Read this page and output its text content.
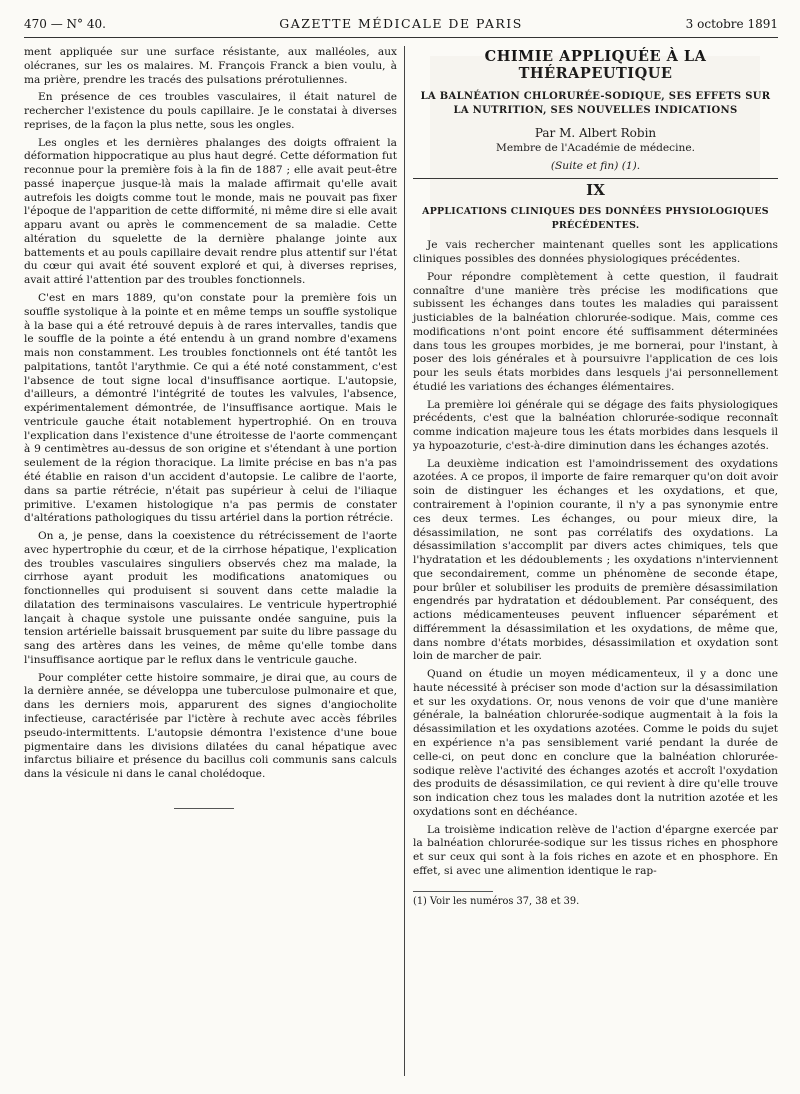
470 — N° 40.	GAZETTE MÉDICALE DE PARIS	3 octobre 1891

ment appliquée sur une surface résistante, aux malléoles, aux olécranes, sur les os malaires. M. François Franck a bien voulu, à ma prière, prendre les tracés des pulsations prérotuliennes.

En présence de ces troubles vasculaires, il était naturel de rechercher l'existence du pouls capillaire. Je le constatai à diverses reprises, de la façon la plus nette, sous les ongles.

Les ongles et les dernières phalanges des doigts offraient la déformation hippocratique au plus haut degré. Cette déformation fut reconnue pour la première fois à la fin de 1887 ; elle avait peut-être passé inaperçue jusque-là mais la malade affirmait qu'elle avait autrefois les doigts comme tout le monde, mais ne pouvait pas fixer l'époque de l'apparition de cette difformité, ni même dire si elle avait apparu avant ou après le commencement de sa maladie. Cette altération du squelette de la dernière phalange jointe aux battements et au pouls capillaire devait rendre plus attentif sur l'état du cœur qui avait été souvent exploré et qui, à diverses reprises, avait attiré l'attention par des troubles fonctionnels.

C'est en mars 1889, qu'on constate pour la première fois un souffle systolique à la pointe et en même temps un souffle systolique à la base qui a été retrouvé depuis à de rares intervalles, tandis que le souffle de la pointe a été entendu à un grand nombre d'examens mais non constamment. Les troubles fonctionnels ont été tantôt les palpitations, tantôt l'arythmie. Ce qui a été noté constamment, c'est l'absence de tout signe local d'insuffisance aortique. L'autopsie, d'ailleurs, a démontré l'intégrité de toutes les valvules, l'absence, expérimentalement démontrée, de l'insuffisance aortique. Mais le ventricule gauche était notablement hypertrophié. On en trouva l'explication dans l'existence d'une étroitesse de l'aorte commençant à 9 centimètres au-dessus de son origine et s'étendant à une portion seulement de la région thoracique. La limite précise en bas n'a pas été établie en raison d'un accident d'autopsie. Le calibre de l'aorte, dans sa partie rétrécie, n'était pas supérieur à celui de l'iliaque primitive. L'examen histologique n'a pas permis de constater d'altérations pathologiques du tissu artériel dans la portion rétrécie.

On a, je pense, dans la coexistence du rétrécissement de l'aorte avec hypertrophie du cœur, et de la cirrhose hépatique, l'explication des troubles vasculaires singuliers observés chez ma malade, la cirrhose ayant produit les modifications anatomiques ou fonctionnelles qui produisent si souvent dans cette maladie la dilatation des terminaisons vasculaires. Le ventricule hypertrophié lançait à chaque systole une puissante ondée sanguine, puis la tension artérielle baissait brusquement par suite du libre passage du sang des artères dans les veines, de même qu'elle tombe dans l'insuffisance aortique par le reflux dans le ventricule gauche.

Pour compléter cette histoire sommaire, je dirai que, au cours de la dernière année, se développa une tuberculose pulmonaire et que, dans les derniers mois, apparurent des signes d'angiocholite infectieuse, caractérisée par l'ictère à rechute avec accès fébriles pseudo-intermittents. L'autopsie démontra l'existence d'une boue pigmentaire dans les divisions dilatées du canal hépatique avec infarctus biliaire et présence du bacillus coli communis sans calculs dans la vésicule ni dans le canal cholédoque.

CHIMIE APPLIQUÉE À LA THÉRAPEUTIQUE
LA BALNÉATION CHLORURÉE-SODIQUE, SES EFFETS SUR LA NUTRITION, SES NOUVELLES INDICATIONS
Par M. Albert Robin
Membre de l'Académie de médecine.
(Suite et fin) (1).
IX
APPLICATIONS CLINIQUES DES DONNÉES PHYSIOLOGIQUES PRÉCÉDENTES.

Je vais rechercher maintenant quelles sont les applications cliniques possibles des données physiologiques précédentes.

Pour répondre complètement à cette question, il faudrait connaître d'une manière très précise les modifications que subissent les échanges dans toutes les maladies qui paraissent justiciables de la balnéation chlorurée-sodique. Mais, comme ces modifications n'ont point encore été suffisamment déterminées dans tous les groupes morbides, je me bornerai, pour l'instant, à poser des lois générales et à poursuivre l'application de ces lois pour les seuls états morbides dans lesquels j'ai personnellement étudié les variations des échanges élémentaires.

La première loi générale qui se dégage des faits physiologiques précédents, c'est que la balnéation chlorurée-sodique reconnaît comme indication majeure tous les états morbides dans lesquels il ya hypoazoturie, c'est-à-dire diminution dans les échanges azotés.

La deuxième indication est l'amoindrissement des oxydations azotées. A ce propos, il importe de faire remarquer qu'on doit avoir soin de distinguer les échanges et les oxydations, et que, contrairement à l'opinion courante, il n'y a pas synonymie entre ces deux termes. Les échanges, ou pour mieux dire, la désassimilation, ne sont pas corrélatifs des oxydations. La désassimilation s'accomplit par divers actes chimiques, tels que l'hydratation et les dédoublements ; les oxydations n'interviennent que secondairement, comme un phénomène de seconde étape, pour brûler et solubiliser les produits de première désassimilation engendrés par hydratation et dédoublement. Par conséquent, des actions médicamenteuses peuvent influencer séparément et différemment la désassimilation et les oxydations, de même que, dans nombre d'états morbides, désassimilation et oxydation sont loin de marcher de pair.

Quand on étudie un moyen médicamenteux, il y a donc une haute nécessité à préciser son mode d'action sur la désassimilation et sur les oxydations. Or, nous venons de voir que d'une manière générale, la balnéation chlorurée-sodique augmentait à la fois la désassimilation et les oxydations azotées. Comme le poids du sujet en expérience n'a pas sensiblement varié pendant la durée de celle-ci, on peut donc en conclure que la balnéation chlorurée-sodique relève l'activité des échanges azotés et accroît l'oxydation des produits de désassimilation, ce qui revient à dire qu'elle trouve son indication chez tous les malades dont la nutrition azotée et les oxydations sont en déchéance.

La troisième indication relève de l'action d'épargne exercée par la balnéation chlorurée-sodique sur les tissus riches en phosphore et sur ceux qui sont à la fois riches en azote et en phosphore. En effet, si avec une alimention identique le rap-

(1) Voir les numéros 37, 38 et 39.
